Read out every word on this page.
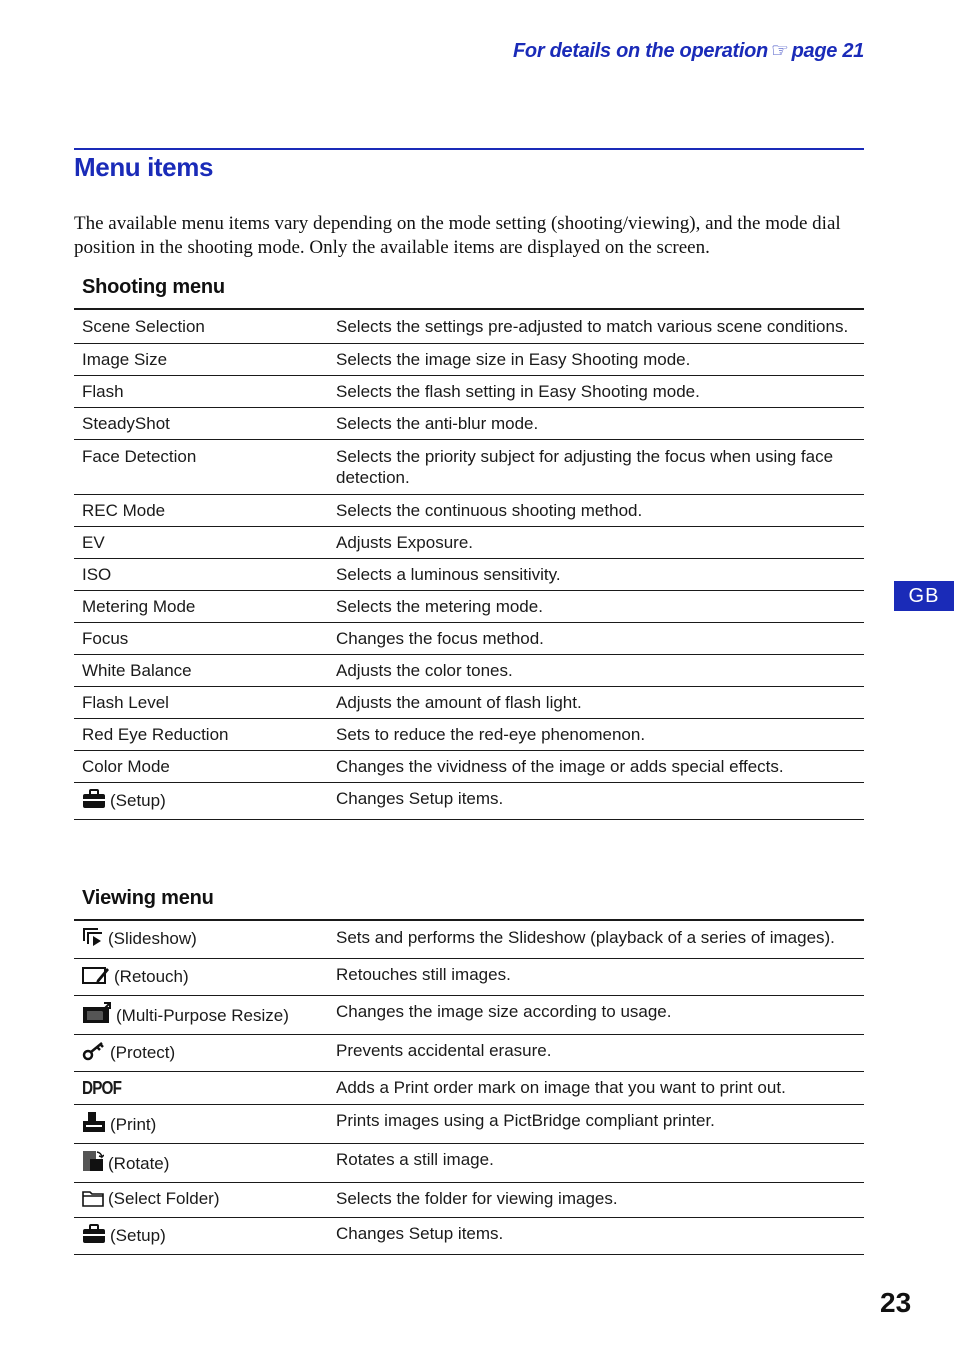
For details on the operation ☞ page 21
Menu items

The available menu items vary depending on the mode setting (shooting/viewing), and the mode dial position in the shooting mode. Only the available items are displayed on the screen.

Shooting menu
Scene Selection	Selects the settings pre-adjusted to match various scene conditions.
Image Size	Selects the image size in Easy Shooting mode.
Flash	Selects the flash setting in Easy Shooting mode.
SteadyShot	Selects the anti-blur mode.
Face Detection	Selects the priority subject for adjusting the focus when using face detection.
REC Mode	Selects the continuous shooting method.
EV	Adjusts Exposure.
ISO	Selects a luminous sensitivity.
Metering Mode	Selects the metering mode.
Focus	Changes the focus method.
White Balance	Adjusts the color tones.
Flash Level	Adjusts the amount of flash light.
Red Eye Reduction	Sets to reduce the red-eye phenomenon.
Color Mode	Changes the vividness of the image or adds special effects.
(Setup)	Changes Setup items.
Viewing menu
(Slideshow)	Sets and performs the Slideshow (playback of a series of images).
(Retouch)	Retouches still images.
(Multi-Purpose Resize)	Changes the image size according to usage.
(Protect)	Prevents accidental erasure.
DPOF	Adds a Print order mark on image that you want to print out.
(Print)	Prints images using a PictBridge compliant printer.
(Rotate)	Rotates a still image.
(Select Folder)	Selects the folder for viewing images.
(Setup)	Changes Setup items.
GB
23
